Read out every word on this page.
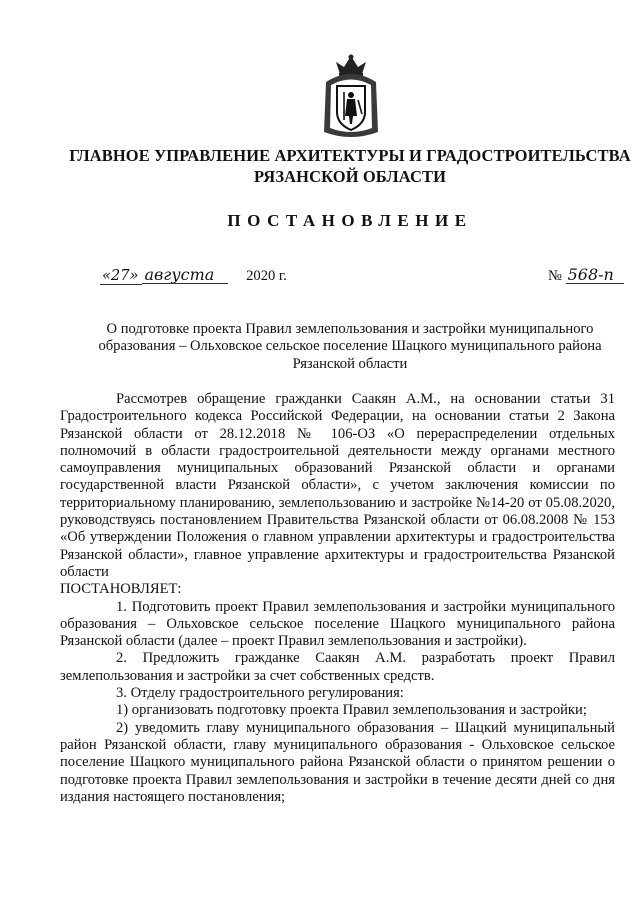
ГЛАВНОЕ УПРАВЛЕНИЕ АРХИТЕКТУРЫ И ГРАДОСТРОИТЕЛЬСТВА
РЯЗАНСКОЙ ОБЛАСТИ
ПОСТАНОВЛЕНИЕ
«27» августа 2020 г.	№ 568-п
О подготовке проекта Правил землепользования и застройки муниципального
образования – Ольховское сельское поселение Шацкого муниципального района
Рязанской области

Рассмотрев обращение гражданки Саакян А.М., на основании статьи 31 Градостроительного кодекса Российской Федерации, на основании статьи 2 Закона Рязанской области от 28.12.2018 № 106-ОЗ «О перераспределении отдельных полномочий в области градостроительной деятельности между органами местного самоуправления муниципальных образований Рязанской области и органами государственной власти Рязанской области», с учетом заключения комиссии по территориальному планированию, землепользованию и застройке №14-20 от 05.08.2020, руководствуясь постановлением Правительства Рязанской области от 06.08.2008 № 153 «Об утверждении Положения о главном управлении архитектуры и градостроительства Рязанской области», главное управление архитектуры и градостроительства Рязанской области

ПОСТАНОВЛЯЕТ:

1. Подготовить проект Правил землепользования и застройки муниципального образования – Ольховское сельское поселение Шацкого муниципального района Рязанской области (далее – проект Правил землепользования и застройки).

2. Предложить гражданке Саакян А.М. разработать проект Правил землепользования и застройки за счет собственных средств.

3. Отделу градостроительного регулирования:

1) организовать подготовку проекта Правил землепользования и застройки;

2) уведомить главу муниципального образования – Шацкий муниципальный район Рязанской области, главу муниципального образования - Ольховское сельское поселение Шацкого муниципального района Рязанской области о принятом решении о подготовке проекта Правил землепользования и застройки в течение десяти дней со дня издания настоящего постановления;
